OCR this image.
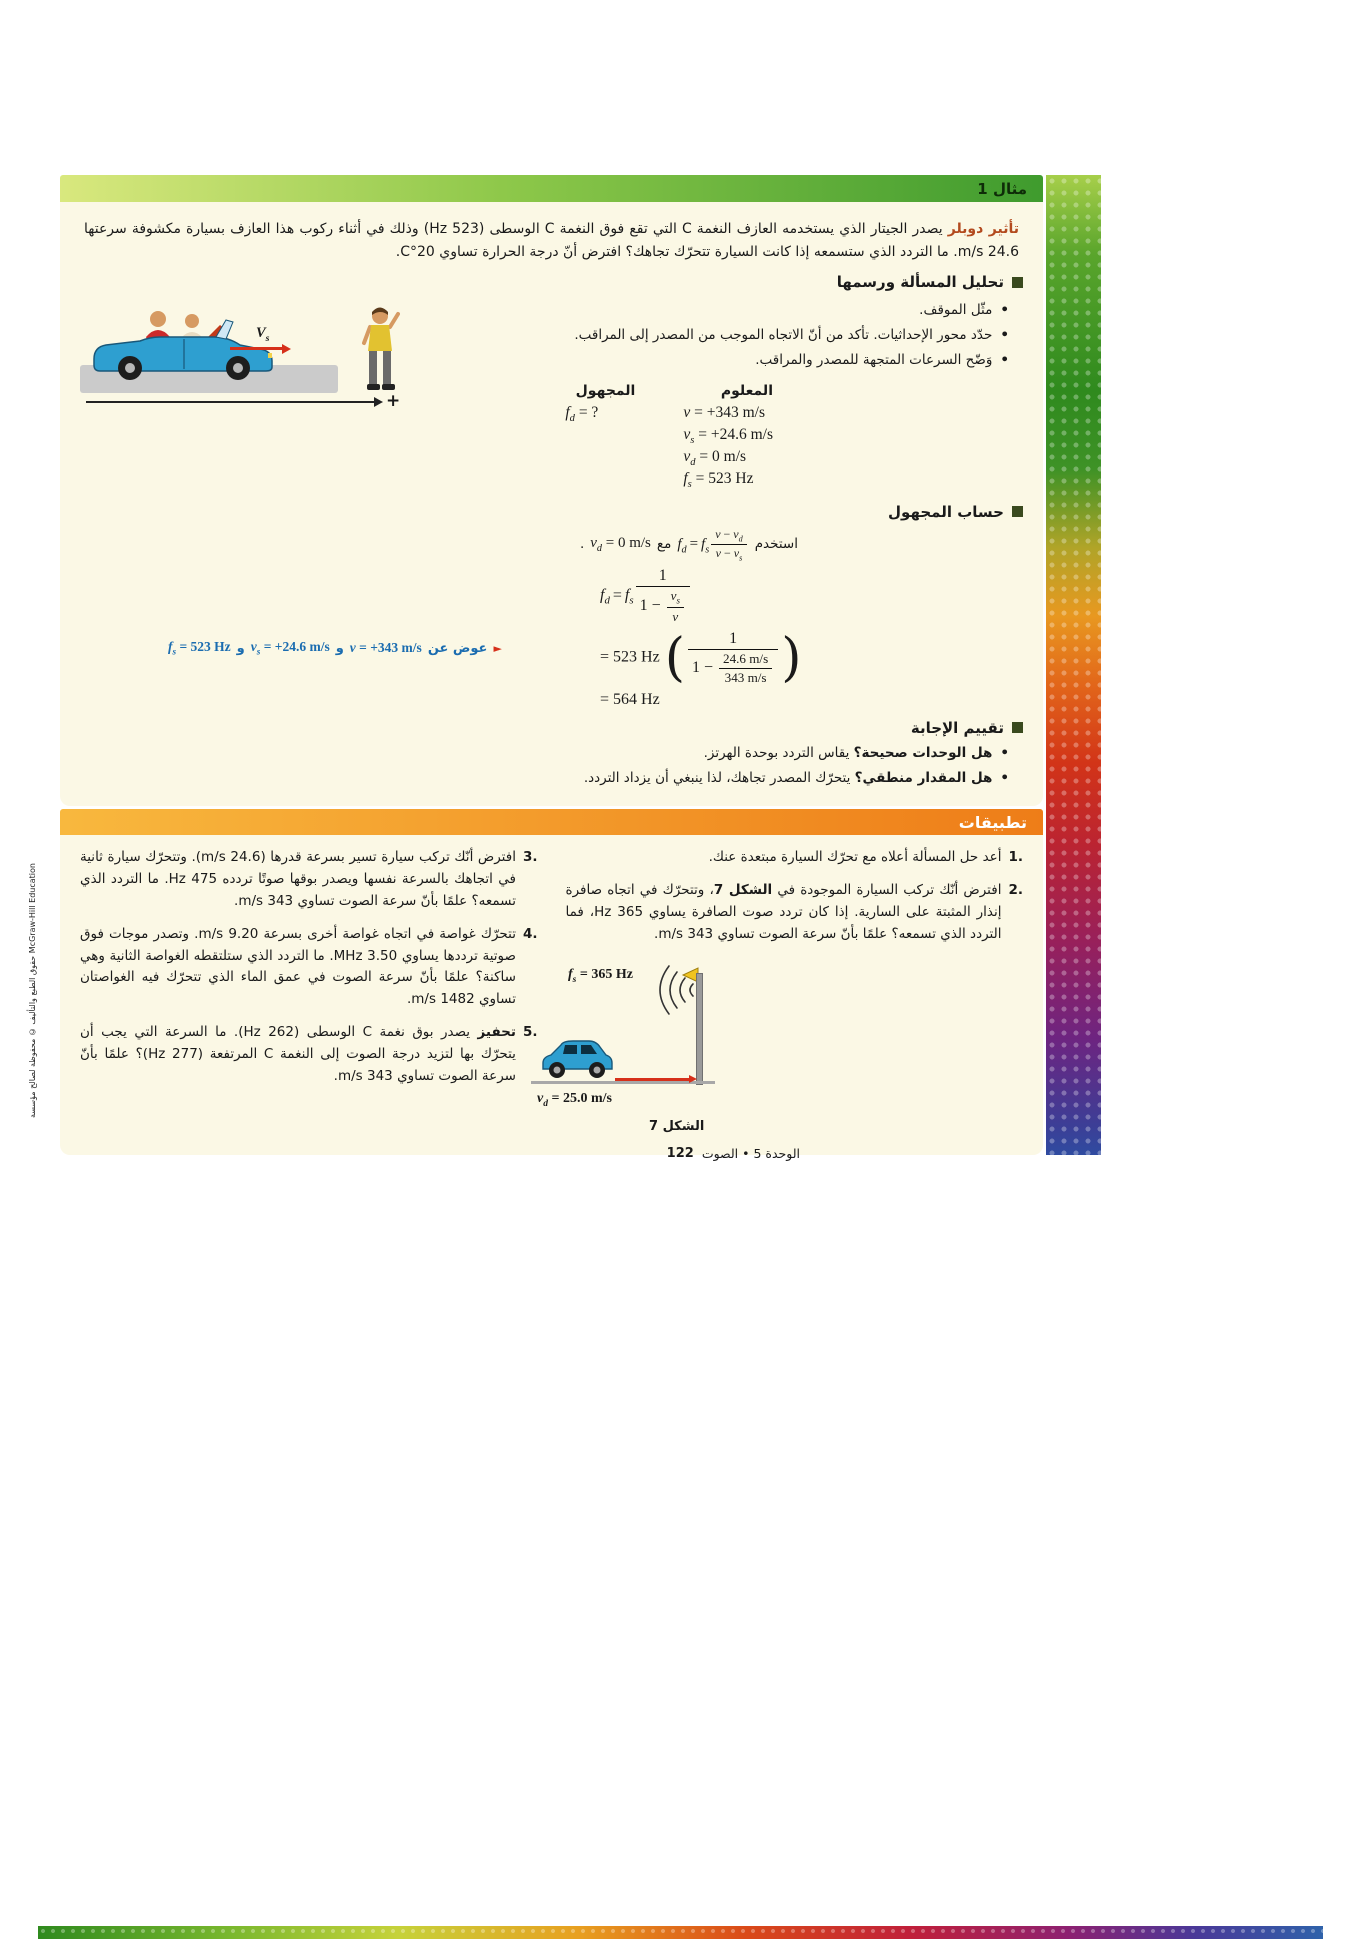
مثال 1

تأثير دوبلر يصدر الجيتار الذي يستخدمه العازف النغمة C التي تقع فوق النغمة C الوسطى (523 Hz) وذلك في أثناء ركوب هذا العازف بسيارة مكشوفة سرعتها 24.6 m/s. ما التردد الذي ستسمعه إذا كانت السيارة تتحرّك تجاهك؟ افترض أنّ درجة الحرارة تساوي 20°C.

تحليل المسألة ورسمها
•
مثّل الموقف.
•
حدّد محور الإحداثيات. تأكد من أنّ الاتجاه الموجب من المصدر إلى المراقب.
•
وَضّح السرعات المتجهة للمصدر والمراقب.
المعلوم
v = +343 m/s
$v_s = +24.6$ m/s
$v_d = 0$ m/s
$f_s = 523$ Hz
المجهول
$f_d$ = ?
$V_s$
+
حساب المجهول
استخدم
$f_d = f_s \frac{v - v_d}{v - v_s}$
مع
$v_d = 0$ m/s
.
$f_d = f_s \frac{1}{1 - \frac{v_s}{v}}$
= 523 Hz ( $\frac{1}{1 - \frac{24.6 m/s}{343 m/s}}$ )
= 564 Hz
►
عوض عن
v = +343 m/s
و
$v_s = +24.6$ m/s
و
$f_s = 523$ Hz
تقييم الإجابة
•
هل الوحدات صحيحة؟ يقاس التردد بوحدة الهرتز.
•
هل المقدار منطقي؟ يتحرّك المصدر تجاهك، لذا ينبغي أن يزداد التردد.
تطبيقات
1.
أعد حل المسألة أعلاه مع تحرّك السيارة مبتعدة عنك.
2.
افترض أنّك تركب السيارة الموجودة في الشكل 7، وتتحرّك في اتجاه صافرة إنذار المثبتة على السارية. إذا كان تردد صوت الصافرة يساوي 365 Hz، فما التردد الذي تسمعه؟ علمًا بأنّ سرعة الصوت تساوي 343 m/s.
$f_s = 365$ Hz
$v_d = 25.0$ m/s
الشكل 7
3.
افترض أنّك تركب سيارة تسير بسرعة قدرها (24.6 m/s). وتتحرّك سيارة ثانية في اتجاهك بالسرعة نفسها ويصدر بوقها صوتًا تردده 475 Hz. ما التردد الذي تسمعه؟ علمًا بأنّ سرعة الصوت تساوي 343 m/s.
4.
تتحرّك غواصة في اتجاه غواصة أخرى بسرعة 9.20 m/s. وتصدر موجات فوق صوتية ترددها يساوي 3.50 MHz. ما التردد الذي ستلتقطه الغواصة الثانية وهي ساكنة؟ علمًا بأنّ سرعة الصوت في عمق الماء الذي تتحرّك فيه الغواصتان تساوي 1482 m/s.
5.
تحفيز يصدر بوق نغمة C الوسطى (262 Hz). ما السرعة التي يجب أن يتحرّك بها لتزيد درجة الصوت إلى النغمة C المرتفعة (277 Hz)؟ علمًا بأنّ سرعة الصوت تساوي 343 m/s.
حقوق الطبع والتأليف © محفوظة لصالح مؤسسة McGraw-Hill Education
الوحدة 5 • الصوت
122
